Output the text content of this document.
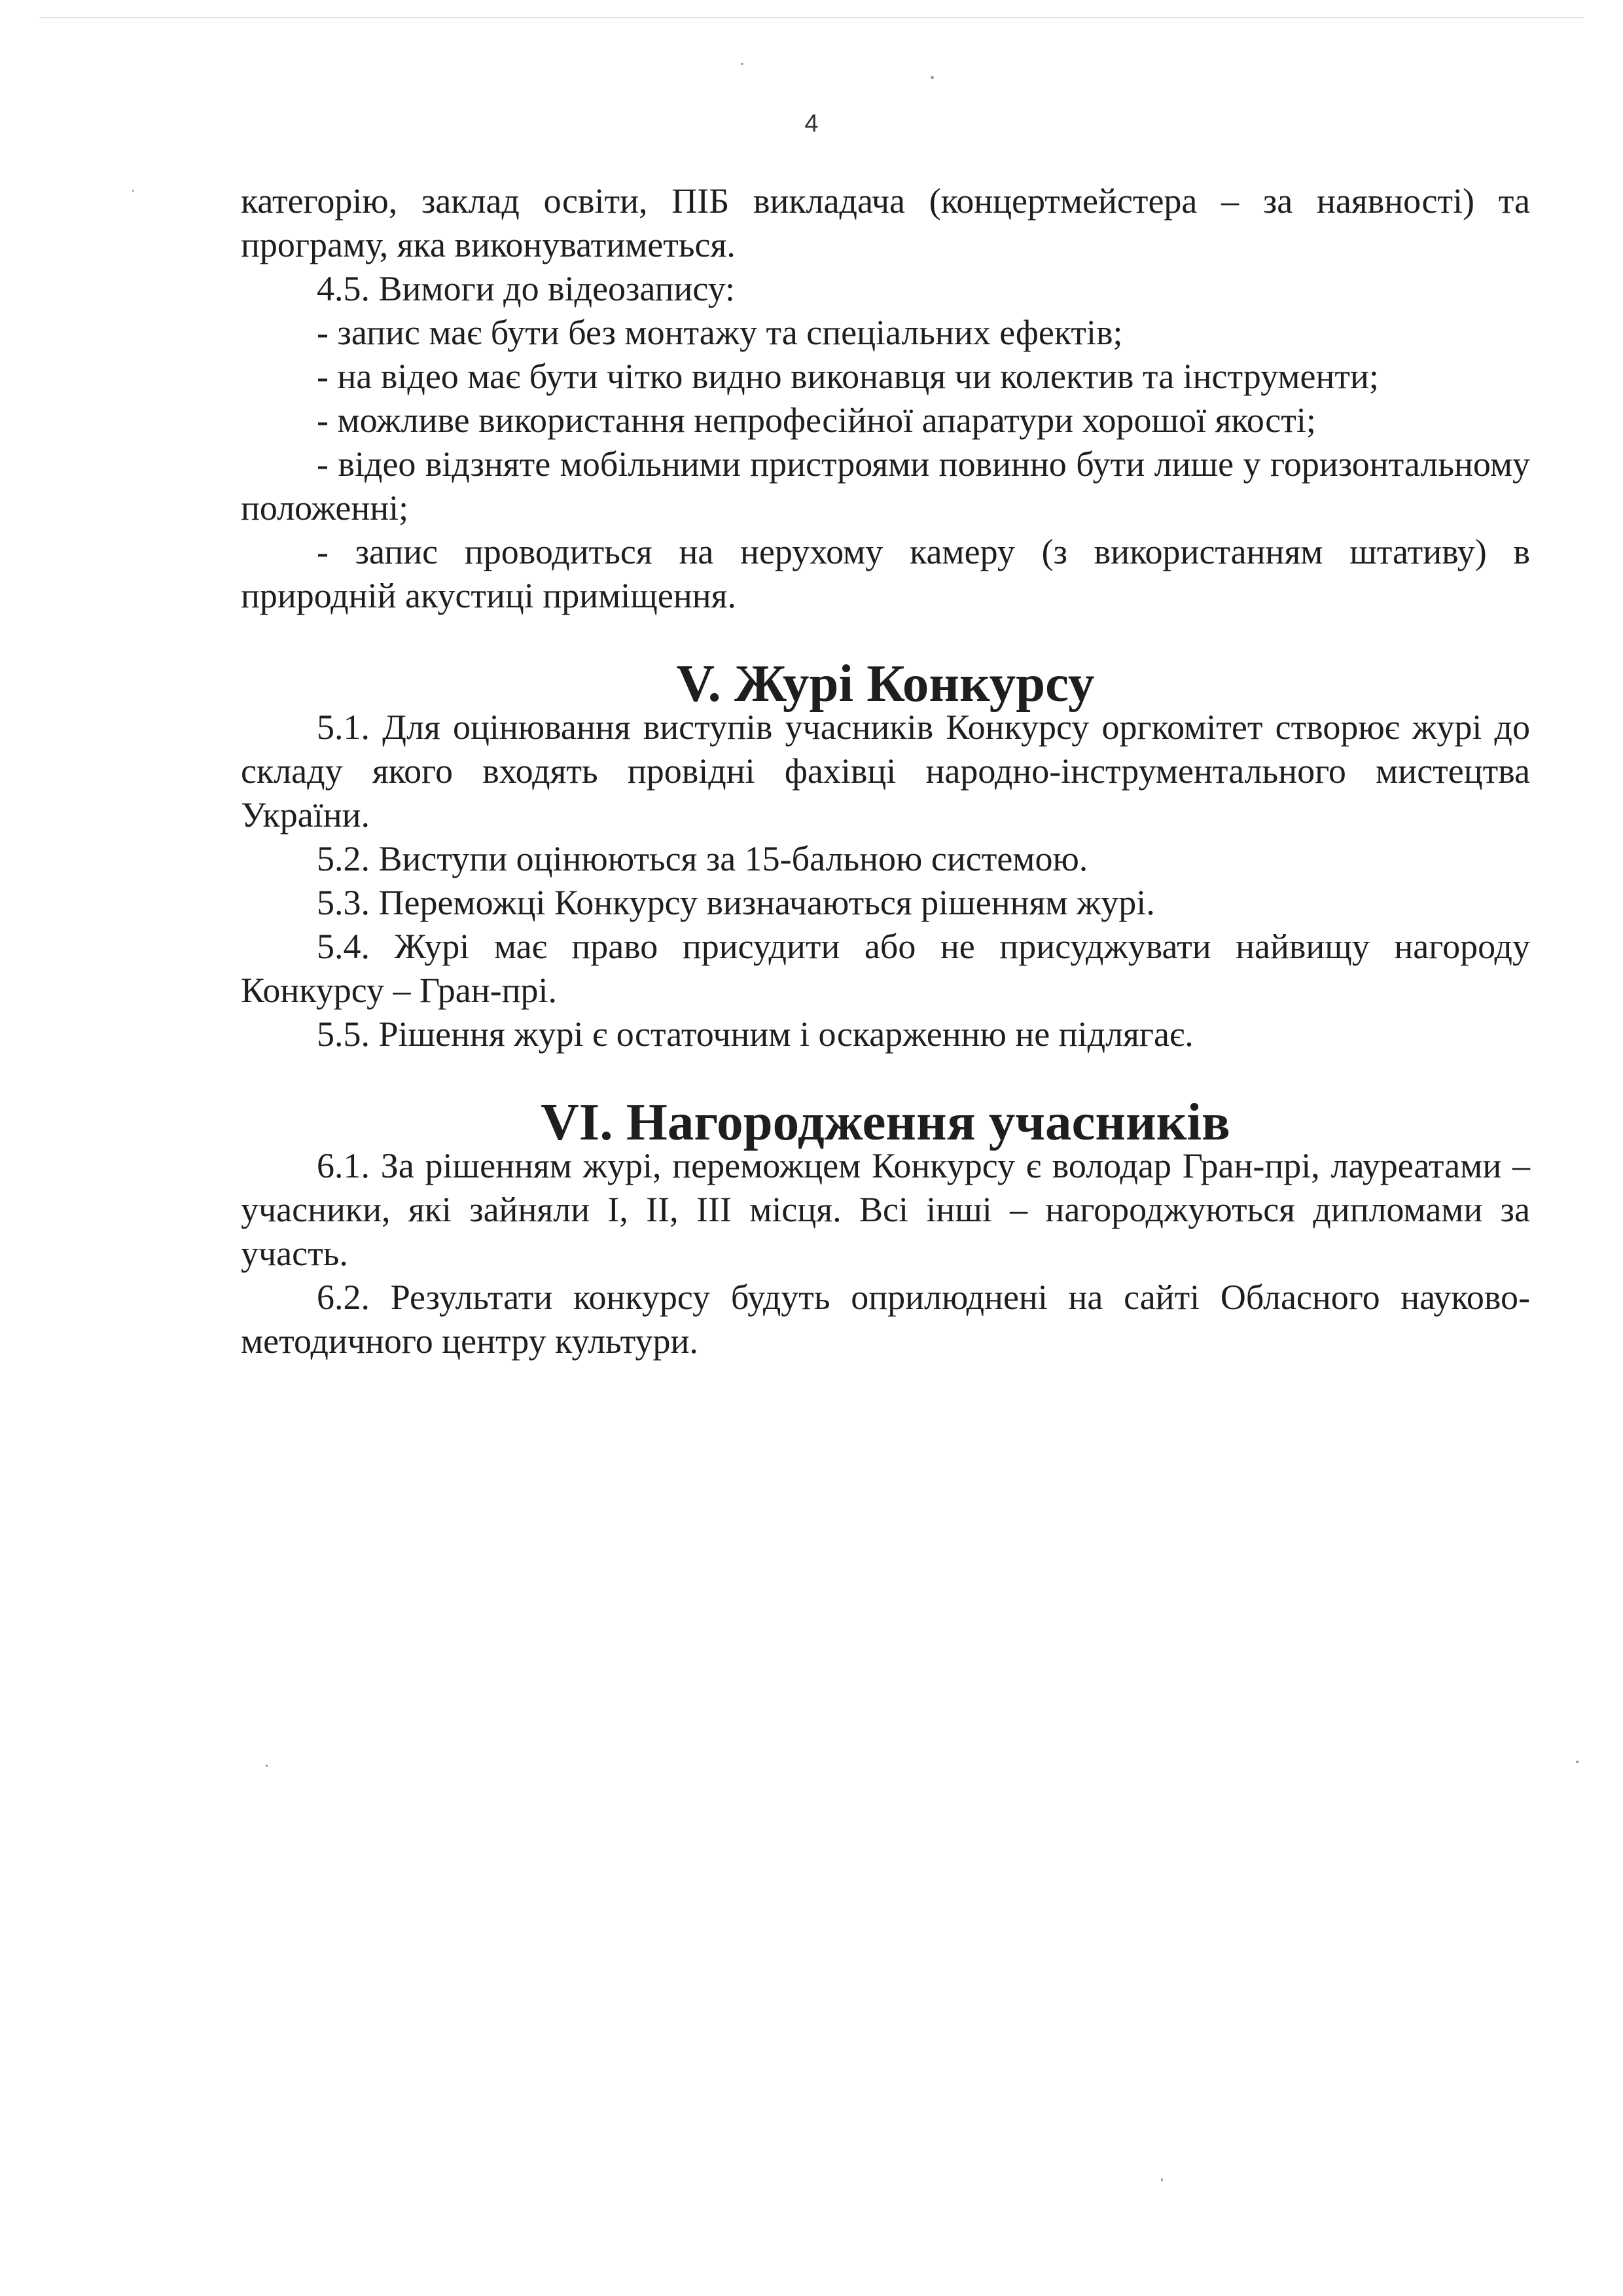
4

категорію, заклад освіти, ПІБ викладача (концертмейстера – за наявності) та програму, яка виконуватиметься.

4.5. Вимоги до відеозапису:

- запис має бути без монтажу та спеціальних ефектів;

- на відео має бути чітко видно виконавця чи колектив та інструменти;

- можливе використання непрофесійної апаратури хорошої якості;

- відео відзняте мобільними пристроями повинно бути лише у горизонтальному положенні;

- запис проводиться на нерухому камеру (з використанням штативу) в природній акустиці приміщення.

V. Журі Конкурсу

5.1. Для оцінювання виступів учасників Конкурсу оргкомітет створює журі до складу якого входять провідні фахівці народно-інструментального мистецтва України.

5.2. Виступи оцінюються за 15-бальною системою.

5.3. Переможці Конкурсу визначаються рішенням журі.

5.4. Журі має право присудити або не присуджувати найвищу нагороду Конкурсу – Гран-прі.

5.5. Рішення журі є остаточним і оскарженню не підлягає.

VI. Нагородження учасників

6.1. За рішенням журі, переможцем Конкурсу є володар Гран-прі, лауреатами – учасники, які зайняли І, ІІ, ІІІ місця. Всі інші – нагороджуються дипломами за участь.

6.2. Результати конкурсу будуть оприлюднені на сайті Обласного науково-методичного центру культури.
